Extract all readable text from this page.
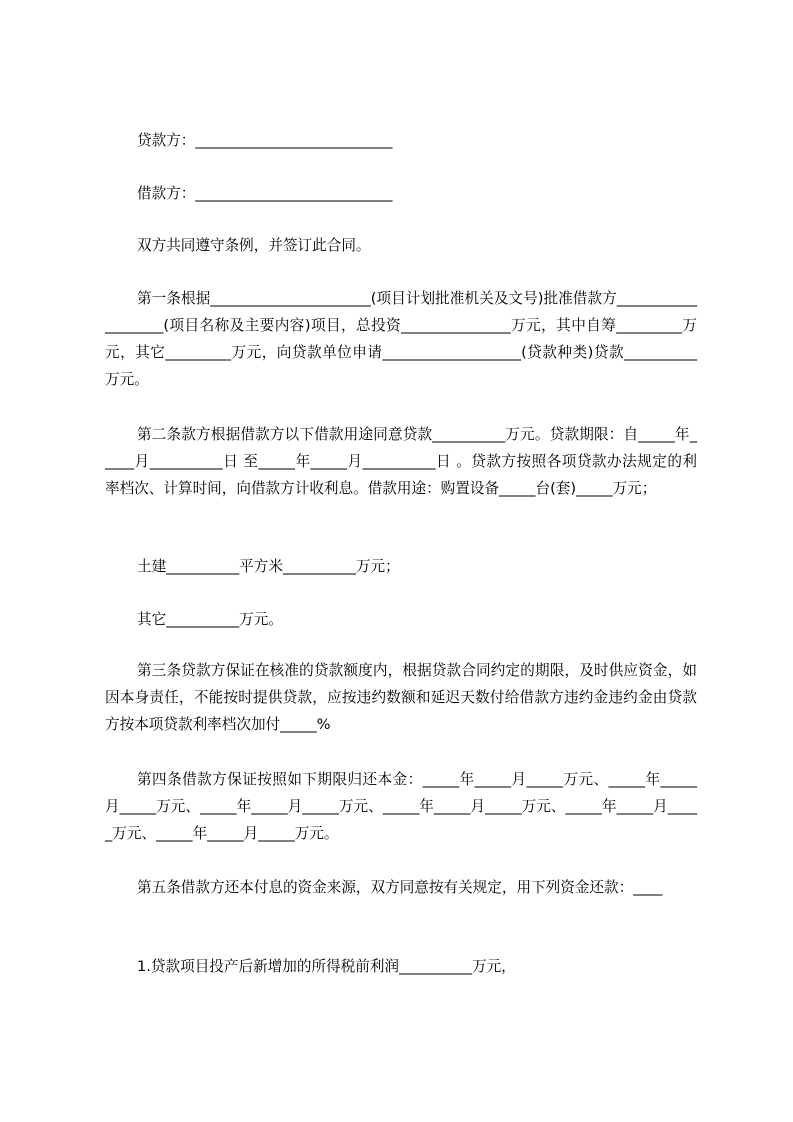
贷款方：___________________________

借款方：___________________________

双方共同遵守条例，并签订此合同。

第一条根据______________________(项目计划批准机关及文号)批准借款方___________________(项目名称及主要内容)项目，总投资_______________万元，其中自筹_________万元，其它_________万元，向贷款单位申请___________________(贷款种类)贷款__________万元。

第二条款方根据借款方以下借款用途同意贷款__________万元。贷款期限：自_____年_____月__________日 至_____年_____月__________日 。贷款方按照各项贷款办法规定的利率档次、计算时间，向借款方计收利息。借款用途：购置设备_____台(套)_____万元；

土建__________平方米__________万元；

其它__________万元。

第三条贷款方保证在核准的贷款额度内，根据贷款合同约定的期限，及时供应资金，如因本身责任，不能按时提供贷款，应按违约数额和延迟天数付给借款方违约金违约金由贷款方按本项贷款利率档次加付_____%

第四条借款方保证按照如下期限归还本金：_____年_____月_____万元、_____年_____月_____万元、_____年_____月_____万元、_____年_____月_____万元、_____年_____月_____万元、_____年_____月_____万元。

第五条借款方还本付息的资金来源，双方同意按有关规定，用下列资金还款：____

1.贷款项目投产后新增加的所得税前利润__________万元，
